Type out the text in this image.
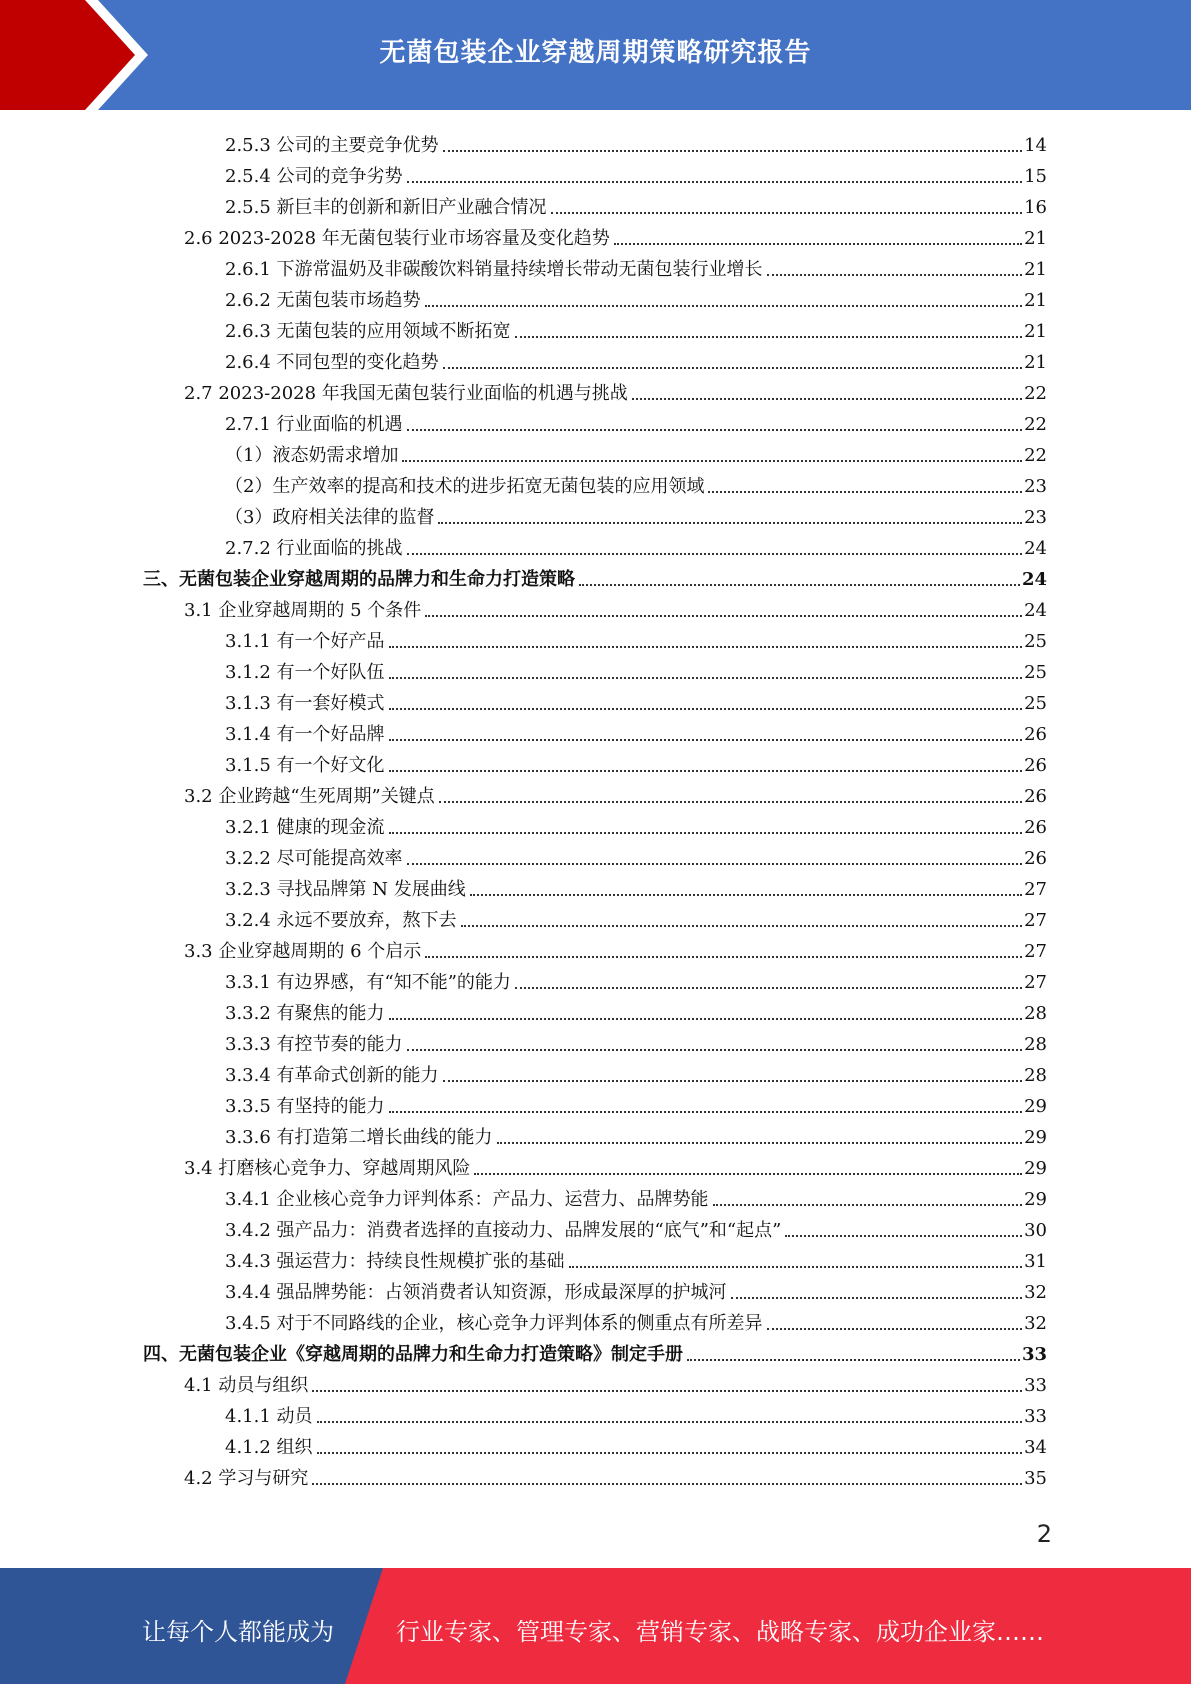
无菌包装企业穿越周期策略研究报告
2.5.3 公司的主要竞争优势	14
2.5.4 公司的竞争劣势	15
2.5.5 新巨丰的创新和新旧产业融合情况	16
2.6 2023-2028 年无菌包装行业市场容量及变化趋势	21
2.6.1 下游常温奶及非碳酸饮料销量持续增长带动无菌包装行业增长	21
2.6.2 无菌包装市场趋势	21
2.6.3 无菌包装的应用领域不断拓宽	21
2.6.4 不同包型的变化趋势	21
2.7 2023-2028 年我国无菌包装行业面临的机遇与挑战	22
2.7.1 行业面临的机遇	22
（1）液态奶需求增加	22
（2）生产效率的提高和技术的进步拓宽无菌包装的应用领域	23
（3）政府相关法律的监督	23
2.7.2 行业面临的挑战	24
三、无菌包装企业穿越周期的品牌力和生命力打造策略	24
3.1 企业穿越周期的 5 个条件	24
3.1.1 有一个好产品	25
3.1.2 有一个好队伍	25
3.1.3 有一套好模式	25
3.1.4 有一个好品牌	26
3.1.5 有一个好文化	26
3.2 企业跨越“生死周期”关键点	26
3.2.1 健康的现金流	26
3.2.2 尽可能提高效率	26
3.2.3 寻找品牌第 N 发展曲线	27
3.2.4 永远不要放弃，熬下去	27
3.3 企业穿越周期的 6 个启示	27
3.3.1 有边界感，有“知不能”的能力	27
3.3.2 有聚焦的能力	28
3.3.3 有控节奏的能力	28
3.3.4 有革命式创新的能力	28
3.3.5 有坚持的能力	29
3.3.6 有打造第二增长曲线的能力	29
3.4 打磨核心竞争力、穿越周期风险	29
3.4.1 企业核心竞争力评判体系：产品力、运营力、品牌势能	29
3.4.2 强产品力：消费者选择的直接动力、品牌发展的“底气”和“起点”	30
3.4.3 强运营力：持续良性规模扩张的基础	31
3.4.4 强品牌势能：占领消费者认知资源，形成最深厚的护城河	32
3.4.5 对于不同路线的企业，核心竞争力评判体系的侧重点有所差异	32
四、无菌包装企业《穿越周期的品牌力和生命力打造策略》制定手册	33
4.1 动员与组织	33
4.1.1 动员	33
4.1.2 组织	34
4.2 学习与研究	35
2
让每个人都能成为	行业专家、管理专家、营销专家、战略专家、成功企业家……
